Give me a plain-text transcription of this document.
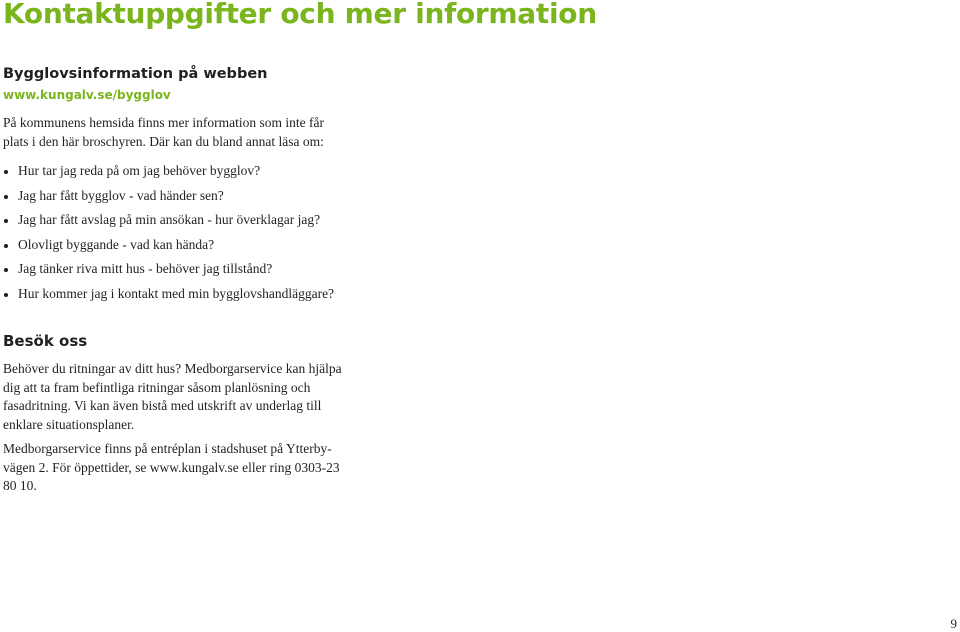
Kontaktuppgifter och mer information
Bygglovsinformation på webben
www.kungalv.se/bygglov

På kommunens hemsida finns mer information som inte får plats i den här broschyren. Där kan du bland annat läsa om:

Hur tar jag reda på om jag behöver bygglov?
Jag har fått bygglov - vad händer sen?
Jag har fått avslag på min ansökan - hur överklagar jag?
Olovligt byggande - vad kan hända?
Jag tänker riva mitt hus - behöver jag tillstånd?
Hur kommer jag i kontakt med min bygglovshandläggare?
Besök oss

Behöver du ritningar av ditt hus? Medborgarservice kan hjälpa dig att ta fram befintliga ritningar såsom planlösning och fasadritning. Vi kan även bistå med utskrift av underlag till enklare situationsplaner.

Medborgarservice finns på entréplan i stadshuset på Ytterbyvägen 2. För öppettider, se www.kungalv.se eller ring 0303-23 80 10.

9
